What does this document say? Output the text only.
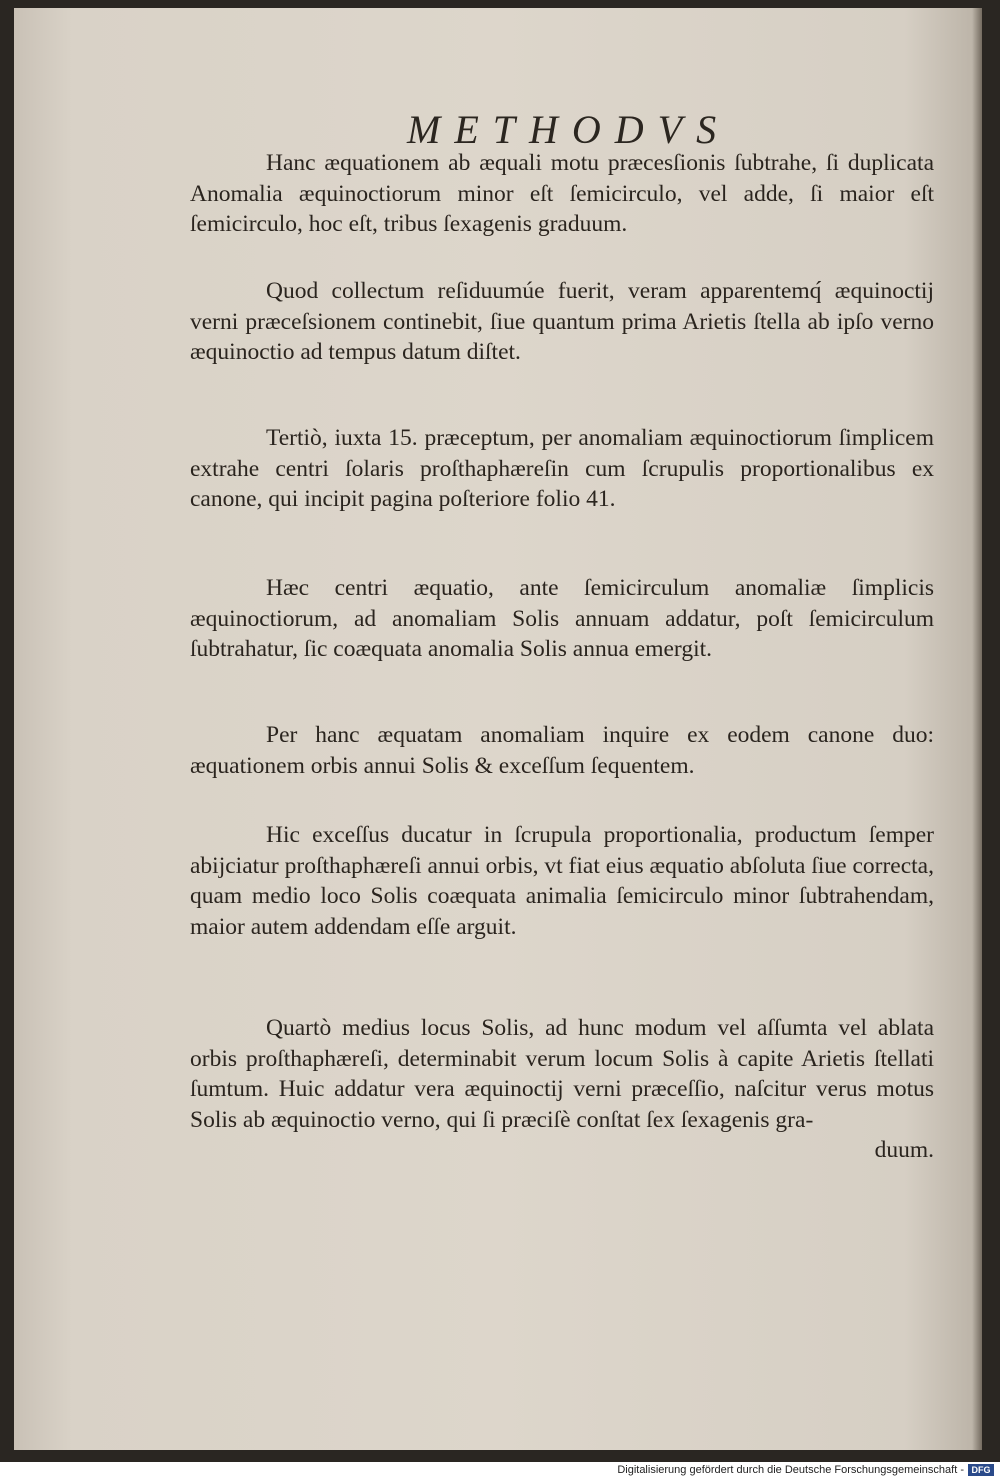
METHODVS
Hanc æquationem ab æquali motu præcesſionis ſubtrahe, ſi duplicata Anomalia æquinoctiorum minor eſt ſemicirculo, vel adde, ſi maior eſt ſemicirculo, hoc eſt, tribus ſexagenis graduum.
Quod collectum reſiduumúe fuerit, veram apparentemq́ æquinoctij verni præceſsionem continebit, ſiue quantum prima Arietis ſtella ab ipſo verno æquinoctio ad tempus datum diſtet.
Tertiò, iuxta 15. præceptum, per anomaliam æquinoctiorum ſimplicem extrahe centri ſolaris proſthaphæreſin cum ſcrupulis proportionalibus ex canone, qui incipit pagina poſteriore folio 41.
Hæc centri æquatio, ante ſemicirculum anomaliæ ſimplicis æquinoctiorum, ad anomaliam Solis annuam addatur, poſt ſemicirculum ſubtrahatur, ſic coæquata anomalia Solis annua emergit.
Per hanc æquatam anomaliam inquire ex eodem canone duo: æquationem orbis annui Solis & exceſſum ſequentem.
Hic exceſſus ducatur in ſcrupula proportionalia, productum ſemper abijciatur proſthaphæreſi annui orbis, vt fiat eius æquatio abſoluta ſiue correcta, quam medio loco Solis coæquata animalia ſemicirculo minor ſubtrahendam, maior autem addendam eſſe arguit.
Quartò medius locus Solis, ad hunc modum vel aſſumta vel ablata orbis proſthaphæreſi, determinabit verum locum Solis à capite Arietis ſtellati ſumtum. Huic addatur vera æquinoctij verni præceſſio, naſcitur verus motus Solis ab æquinoctio verno, qui ſi præciſè conſtat ſex ſexagenis gra-
duum.
Digitalisierung gefördert durch die Deutsche Forschungsgemeinschaft - DFG
